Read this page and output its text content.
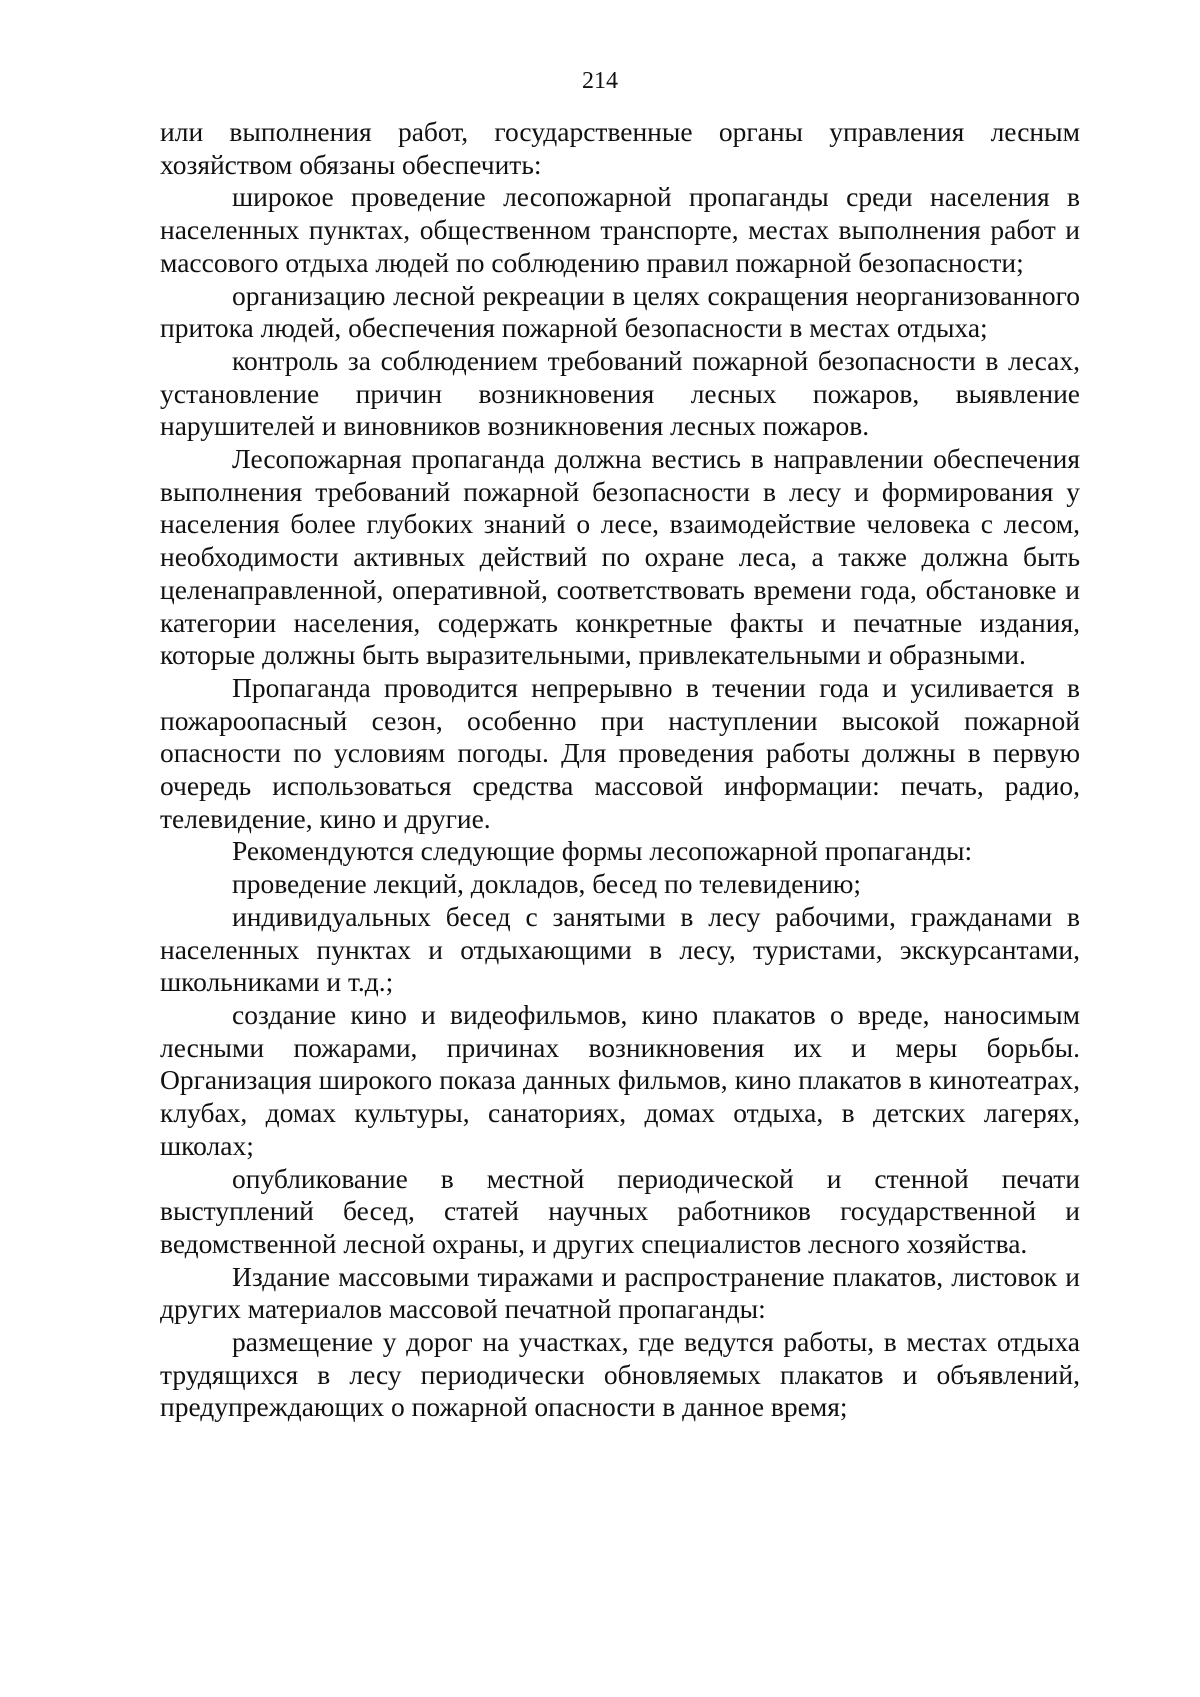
214

или выполнения работ, государственные органы управления лесным хозяйством обязаны обеспечить:

широкое проведение лесопожарной пропаганды среди населения в населенных пунктах, общественном транспорте, местах выполнения работ и массового отдыха людей по соблюдению правил пожарной безопасности;

организацию лесной рекреации в целях сокращения неорганизованного притока людей, обеспечения пожарной безопасности в местах отдыха;

контроль за соблюдением требований пожарной безопасности в лесах, установление причин возникновения лесных пожаров, выявление нарушителей и виновников возникновения лесных пожаров.

Лесопожарная пропаганда должна вестись в направлении обеспечения выполнения требований пожарной безопасности в лесу и формирования у населения более глубоких знаний о лесе, взаимодействие человека с лесом, необходимости активных действий по охране леса, а также должна быть целенаправленной, оперативной, соответствовать времени года, обстановке и категории населения, содержать конкретные факты и печатные издания, которые должны быть выразительными, привлекательными и образными.

Пропаганда проводится непрерывно в течении года и усиливается в пожароопасный сезон, особенно при наступлении высокой пожарной опасности по условиям погоды. Для проведения работы должны в первую очередь использоваться средства массовой информации: печать, радио, телевидение, кино и другие.

Рекомендуются следующие формы лесопожарной пропаганды:

проведение лекций, докладов, бесед по телевидению;

индивидуальных бесед с занятыми в лесу рабочими, гражданами в населенных пунктах и отдыхающими в лесу, туристами, экскурсантами, школьниками и т.д.;

создание кино и видеофильмов, кино плакатов о вреде, наносимым лесными пожарами, причинах возникновения их и меры борьбы. Организация широкого показа данных фильмов, кино плакатов в кинотеатрах, клубах, домах культуры, санаториях, домах отдыха, в детских лагерях, школах;

опубликование в местной периодической и стенной печати выступлений бесед, статей научных работников государственной и ведомственной лесной охраны, и других специалистов лесного хозяйства.

Издание массовыми тиражами и распространение плакатов, листовок и других материалов массовой печатной пропаганды:

размещение у дорог на участках, где ведутся работы, в местах отдыха трудящихся в лесу периодически обновляемых плакатов и объявлений, предупреждающих о пожарной опасности в данное время;
